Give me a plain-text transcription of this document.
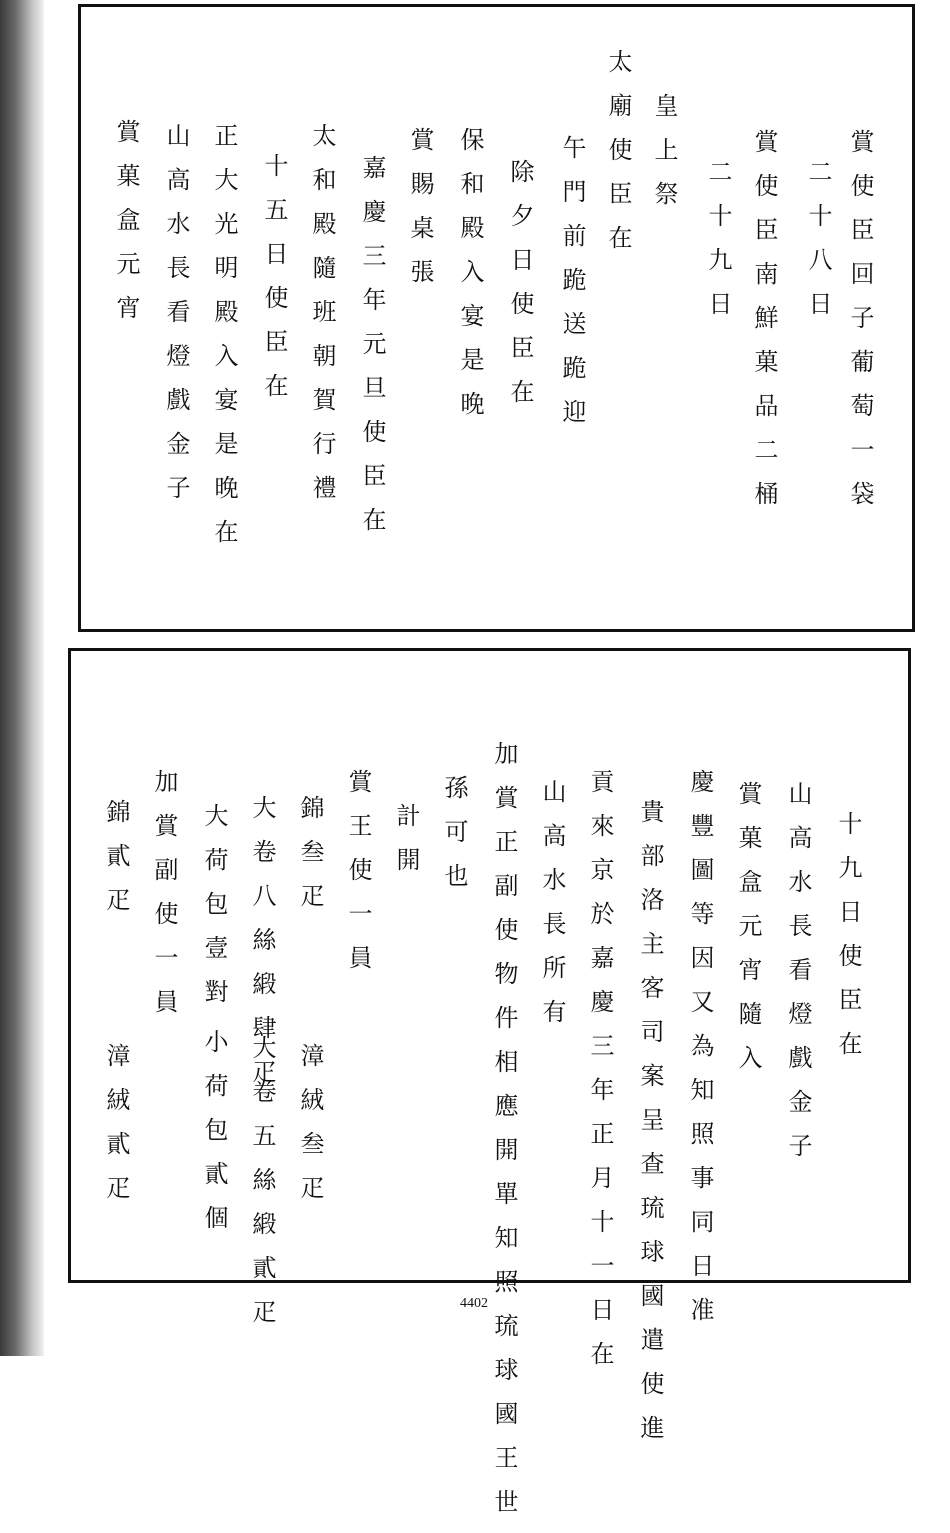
賞使臣回子葡萄一袋
二十八日
賞使臣南鮮菓品二桶
二十九日
皇上祭
太廟使臣在
午門前跪送跪迎
除夕日使臣在
保和殿入宴是晚
賞賜桌張
嘉慶三年元旦使臣在
太和殿隨班朝賀行禮
十五日使臣在
正大光明殿入宴是晚在
山高水長看燈戲金子
賞菓盒元宵
十九日使臣在
山高水長看燈戲金子
賞菓盒元宵隨入
慶豐圖等因又為知照事同日准
貴部洛主客司案呈查琉球國遣使進
貢來京於嘉慶三年正月十一日在
山高水長所有
加賞正副使物件相應開單知照琉球國王世
孫可也
計開
賞王使一員
錦叁疋
漳絨叁疋
大卷八絲緞肆疋
大卷五絲緞貳疋
大荷包壹對
小荷包貳個
加賞副使一員
錦貳疋
漳絨貳疋
4402
